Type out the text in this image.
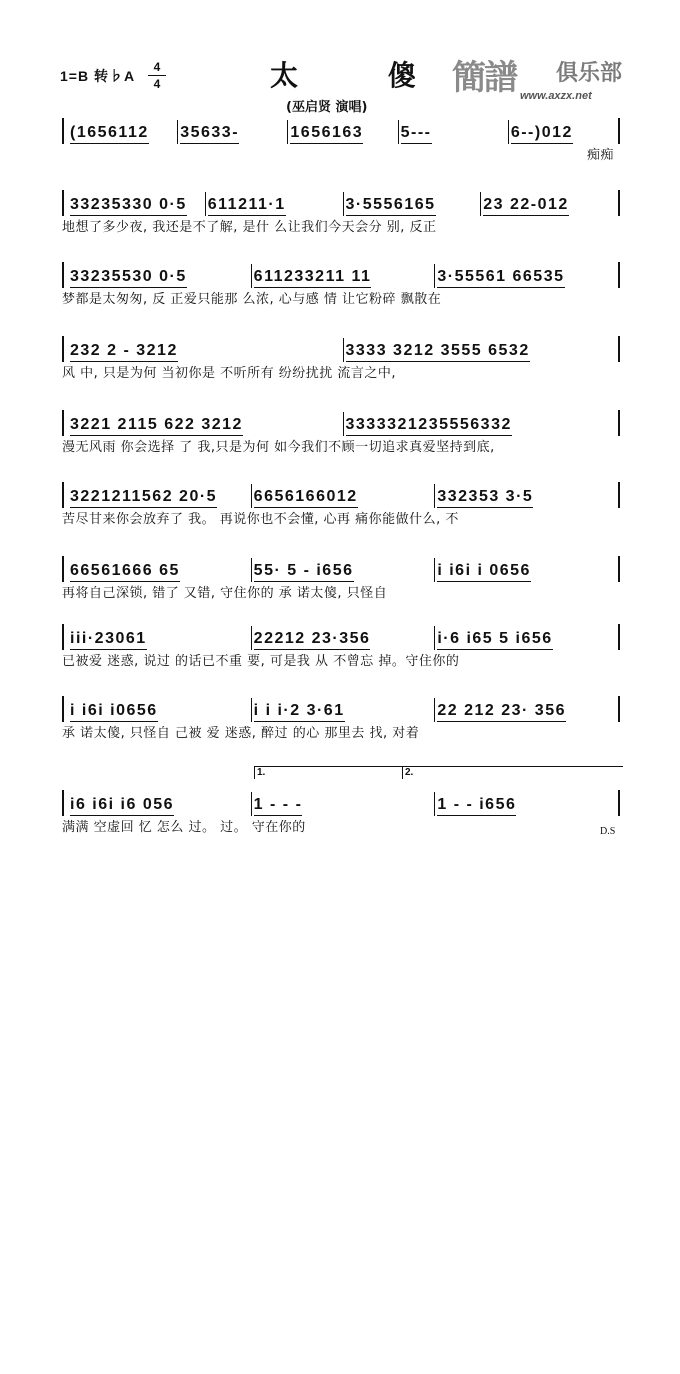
1=B 转♭A
4
4	太 傻
(巫启贤 演唱)
簡譜 俱乐部
www.axzx.net
(1656112 35633-	1656163 5---	6--)012
痴痴
33235330 0·5 611211·1	3·5556165	23 22-012
地想了多少夜, 我还是不了解, 是什 么让我们今天会分 别, 反正
33235530 0·5	611233211 11	3·55561 66535
梦都是太匆匆, 反 正爱只能那 么浓, 心与感 情 让它粉碎 飘散在
232 2 - 3212	3333 3212 3555 6532
风 中, 只是为何 当初你是 不听所有 纷纷扰扰 流言之中,
3221 2115 622 3212	3333321235556332
漫无风雨 你会选择 了 我,只是为何 如今我们不顾一切追求真爱坚持到底,
3221211562 20·5 6656166012	332353 3·5
苦尽甘来你会放弃了 我。 再说你也不会懂, 心再 痛你能做什么, 不
66561666 65	55· 5 - i656	i i6i i 0656
再将自己深锁, 错了 又错, 守住你的 承 诺太傻, 只怪自
iii·23061	22212 23·356	i·6 i65 5 i656
已被爱 迷惑, 说过 的话已不重 要, 可是我 从 不曾忘 掉。守住你的
i i6i i0656	i i i·2 3·61	22 212 23· 356
承 诺太傻, 只怪自 己被 爱 迷惑, 醉过 的心 那里去 找, 对着
i6 i6i i6 056	1 - - -	1 - - i656
满满 空虚回 忆 怎么 过。 过。 守在你的
1.	2.
D.S
